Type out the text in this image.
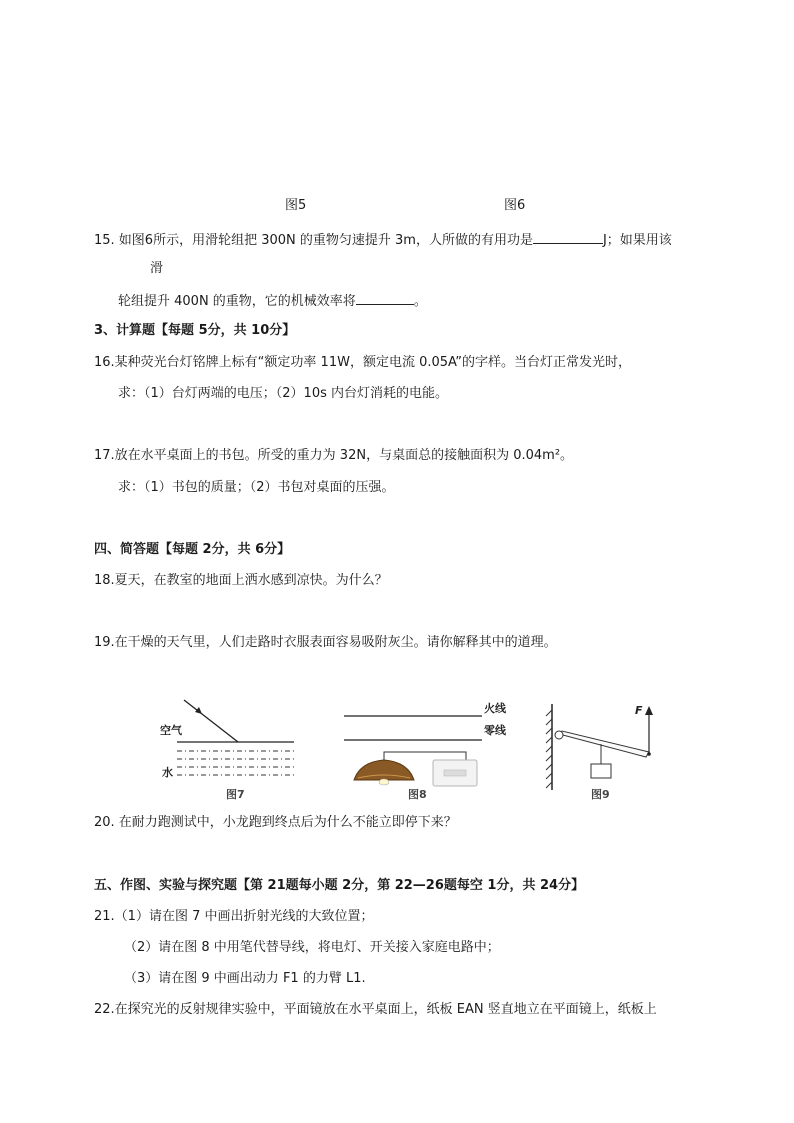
图5	图6
15. 如图6所示，用滑轮组把 300N 的重物匀速提升 3m，人所做的有用功是	J；如果用该
滑
轮组提升 400N 的重物，它的机械效率将	。
3、计算题【每题 5分，共 10分】
16.某种荧光台灯铭牌上标有“额定功率 11W，额定电流 0.05A”的字样。当台灯正常发光时，
求：（1）台灯两端的电压；（2）10s 内台灯消耗的电能。
17.放在水平桌面上的书包。所受的重力为 32N，与桌面总的接触面积为 0.04m²。
求：（1）书包的质量；（2）书包对桌面的压强。
四、简答题【每题 2分，共 6分】
18.夏天，在教室的地面上洒水感到凉快。为什么？
19.在干燥的天气里，人们走路时衣服表面容易吸附灰尘。请你解释其中的道理。
空气
水
图7
火线
零线
图8
F
图9
20. 在耐力跑测试中，小龙跑到终点后为什么不能立即停下来？
五、作图、实验与探究题【第 21题每小题 2分，第 22—26题每空 1分，共 24分】
21.（1）请在图 7 中画出折射光线的大致位置；
（2）请在图 8 中用笔代替导线，将电灯、开关接入家庭电路中；
（3）请在图 9 中画出动力 F1 的力臂 L1.
22.在探究光的反射规律实验中，平面镜放在水平桌面上，纸板 EAN 竖直地立在平面镜上，纸板上
